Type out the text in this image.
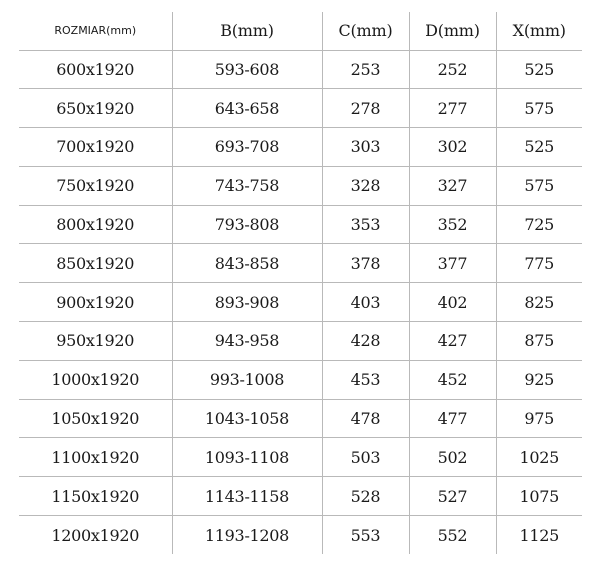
ROZMIAR(mm)	B(mm)	C(mm)	D(mm)	X(mm)
600x1920	593-608	253	252	525
650x1920	643-658	278	277	575
700x1920	693-708	303	302	525
750x1920	743-758	328	327	575
800x1920	793-808	353	352	725
850x1920	843-858	378	377	775
900x1920	893-908	403	402	825
950x1920	943-958	428	427	875
1000x1920	993-1008	453	452	925
1050x1920	1043-1058	478	477	975
1100x1920	1093-1108	503	502	1025
1150x1920	1143-1158	528	527	1075
1200x1920	1193-1208	553	552	1125
